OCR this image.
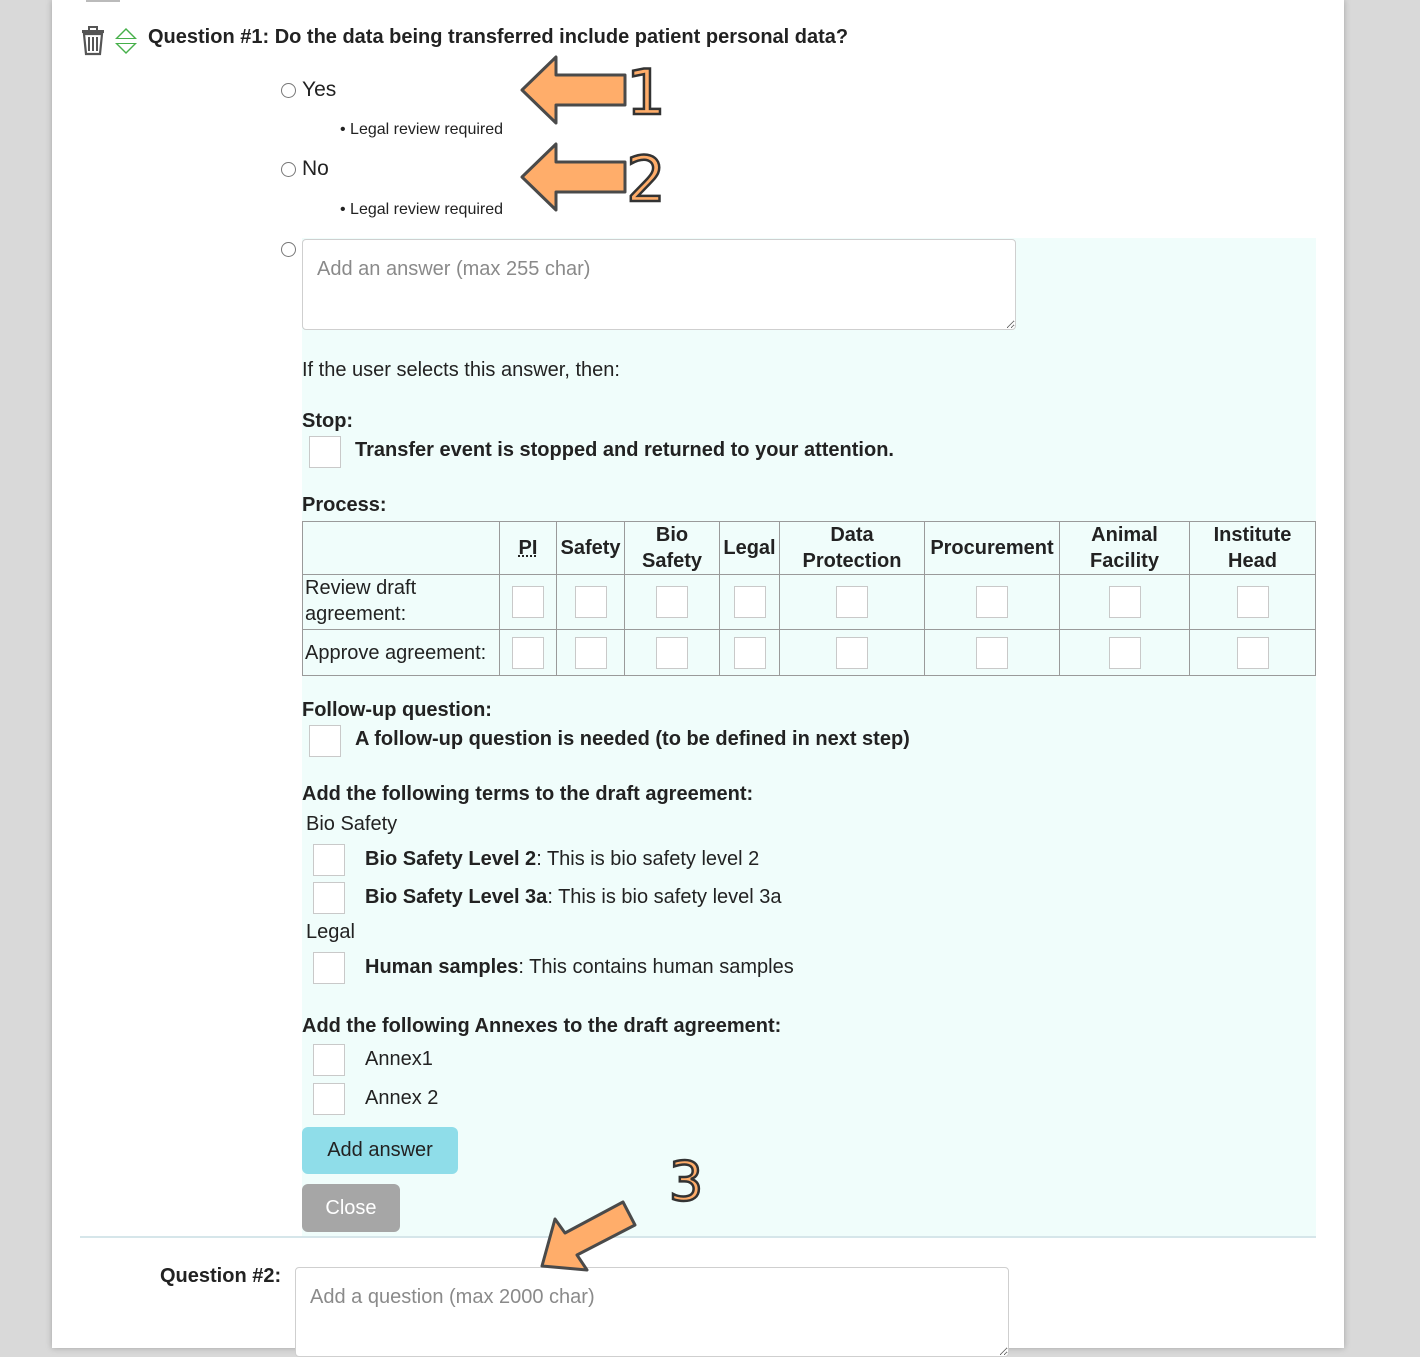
Question #1: Do the data being transferred include patient personal data?
Yes
• Legal review required
No
• Legal review required
Add an answer (max 255 char)
If the user selects this answer, then:
Stop:
Transfer event is stopped and returned to your attention.
Process:
	PI	Safety	Bio Safety	Legal	Data Protection	Procurement	Animal Facility	Institute Head

Review draft agreement:								
Approve agreement:								
Follow-up question:
A follow-up question is needed (to be defined in next step)
Add the following terms to the draft agreement:
Bio Safety
Bio Safety Level 2: This is bio safety level 2
Bio Safety Level 3a: This is bio safety level 3a
Legal
Human samples: This contains human samples
Add the following Annexes to the draft agreement:
Annex1
Annex 2
Add answer
Close
Question #2:
Add a question (max 2000 char)
1
2
3
